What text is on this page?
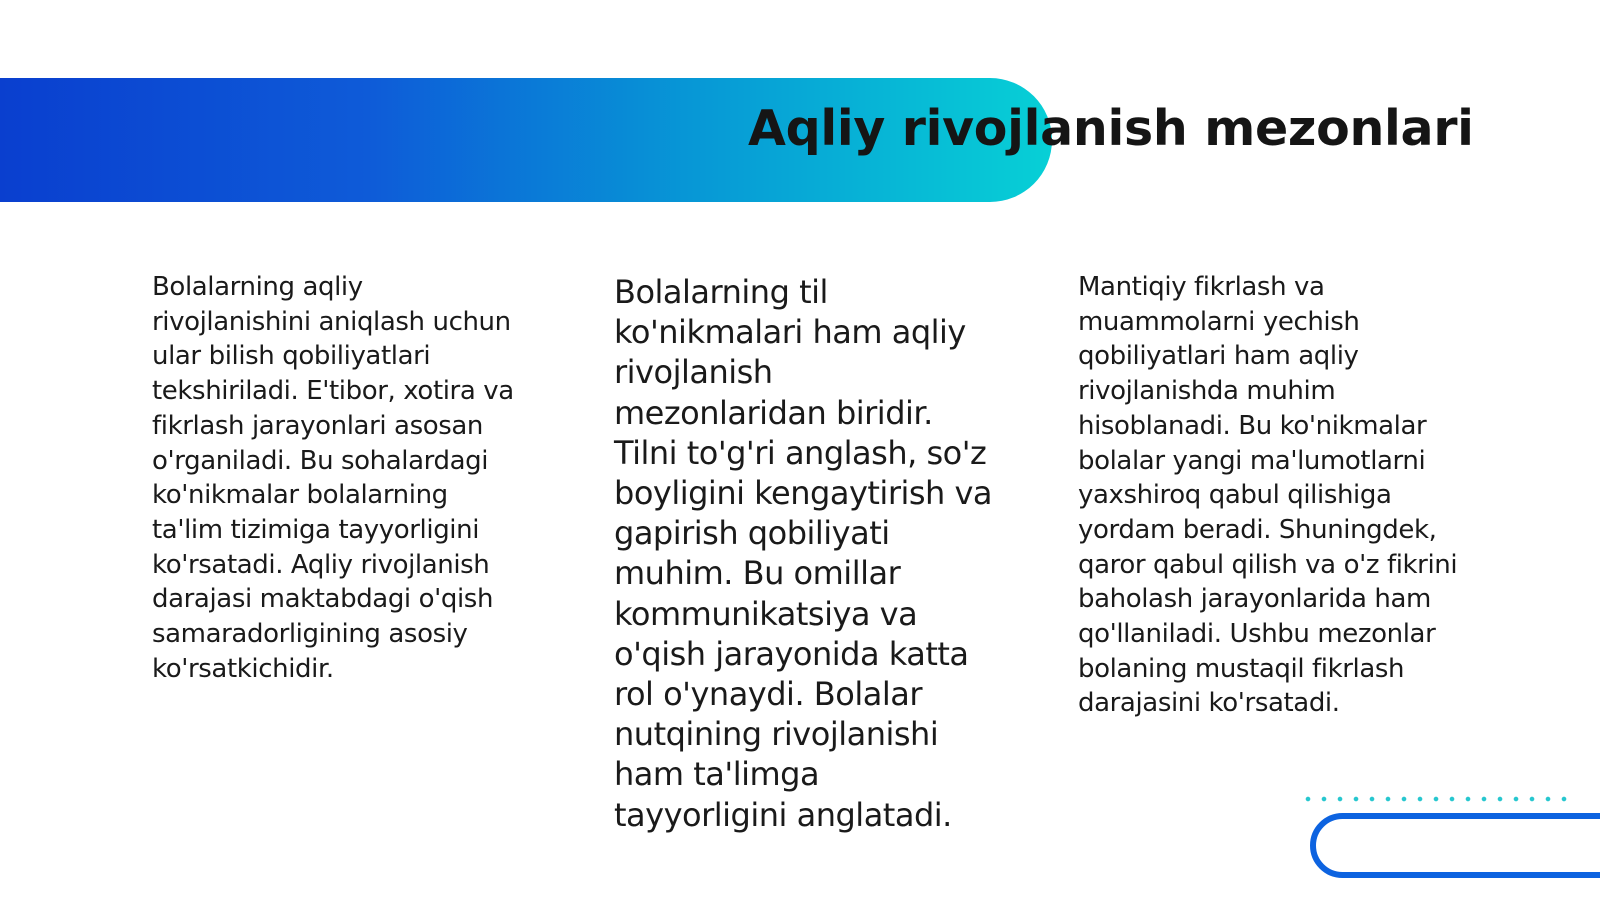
Aqliy rivojlanish mezonlari

Bolalarning aqliy rivojlanishini aniqlash uchun ular bilish qobiliyatlari tekshiriladi. E'tibor, xotira va fikrlash jarayonlari asosan o'rganiladi. Bu sohalardagi ko'nikmalar bolalarning ta'lim tizimiga tayyorligini ko'rsatadi. Aqliy rivojlanish darajasi maktabdagi o'qish samaradorligining asosiy ko'rsatkichidir.

Bolalarning til ko'nikmalari ham aqliy rivojlanish mezonlaridan biridir. Tilni to'g'ri anglash, so'z boyligini kengaytirish va gapirish qobiliyati muhim. Bu omillar kommunikatsiya va o'qish jarayonida katta rol o'ynaydi. Bolalar nutqining rivojlanishi ham ta'limga tayyorligini anglatadi.

Mantiqiy fikrlash va muammolarni yechish qobiliyatlari ham aqliy rivojlanishda muhim hisoblanadi. Bu ko'nikmalar bolalar yangi ma'lumotlarni yaxshiroq qabul qilishiga yordam beradi. Shuningdek, qaror qabul qilish va o'z fikrini baholash jarayonlarida ham qo'llaniladi. Ushbu mezonlar bolaning mustaqil fikrlash darajasini ko'rsatadi.
